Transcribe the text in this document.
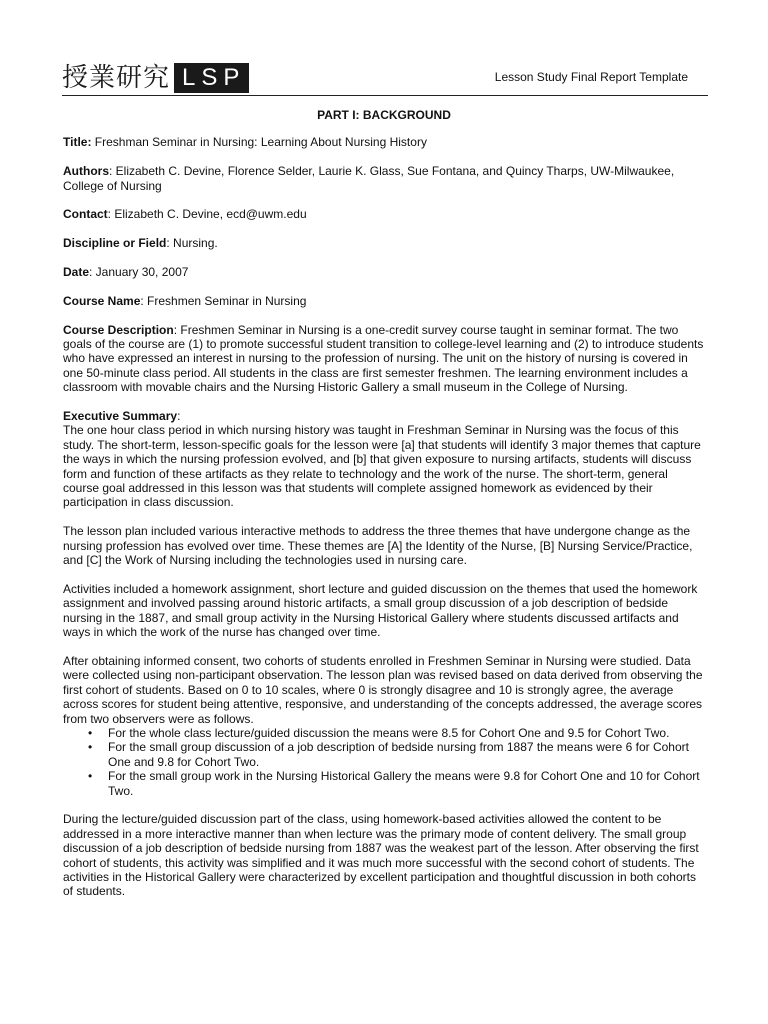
授業研究 LSP	Lesson Study Final Report Template

PART I: BACKGROUND

Title: Freshman Seminar in Nursing: Learning About Nursing History

Authors: Elizabeth C. Devine, Florence Selder, Laurie K. Glass, Sue Fontana, and Quincy Tharps, UW-Milwaukee, College of Nursing

Contact: Elizabeth C. Devine, ecd@uwm.edu

Discipline or Field: Nursing.

Date: January 30, 2007

Course Name: Freshmen Seminar in Nursing

Course Description: Freshmen Seminar in Nursing is a one-credit survey course taught in seminar format. The two goals of the course are (1) to promote successful student transition to college-level learning and (2) to introduce students who have expressed an interest in nursing to the profession of nursing. The unit on the history of nursing is covered in one 50-minute class period. All students in the class are first semester freshmen. The learning environment includes a classroom with movable chairs and the Nursing Historic Gallery a small museum in the College of Nursing.

Executive Summary:

The one hour class period in which nursing history was taught in Freshman Seminar in Nursing was the focus of this study. The short-term, lesson-specific goals for the lesson were [a] that students will identify 3 major themes that capture the ways in which the nursing profession evolved, and [b] that given exposure to nursing artifacts, students will discuss form and function of these artifacts as they relate to technology and the work of the nurse. The short-term, general course goal addressed in this lesson was that students will complete assigned homework as evidenced by their participation in class discussion.

The lesson plan included various interactive methods to address the three themes that have undergone change as the nursing profession has evolved over time. These themes are [A] the Identity of the Nurse, [B] Nursing Service/Practice, and [C] the Work of Nursing including the technologies used in nursing care.

Activities included a homework assignment, short lecture and guided discussion on the themes that used the homework assignment and involved passing around historic artifacts, a small group discussion of a job description of bedside nursing in the 1887, and small group activity in the Nursing Historical Gallery where students discussed artifacts and ways in which the work of the nurse has changed over time.

After obtaining informed consent, two cohorts of students enrolled in Freshmen Seminar in Nursing were studied. Data were collected using non-participant observation. The lesson plan was revised based on data derived from observing the first cohort of students. Based on 0 to 10 scales, where 0 is strongly disagree and 10 is strongly agree, the average across scores for student being attentive, responsive, and understanding of the concepts addressed, the average scores from two observers were as follows.

• For the whole class lecture/guided discussion the means were 8.5 for Cohort One and 9.5 for Cohort Two.
• For the small group discussion of a job description of bedside nursing from 1887 the means were 6 for Cohort One and 9.8 for Cohort Two.
• For the small group work in the Nursing Historical Gallery the means were 9.8 for Cohort One and 10 for Cohort Two.

During the lecture/guided discussion part of the class, using homework-based activities allowed the content to be addressed in a more interactive manner than when lecture was the primary mode of content delivery. The small group discussion of a job description of bedside nursing from 1887 was the weakest part of the lesson. After observing the first cohort of students, this activity was simplified and it was much more successful with the second cohort of students. The activities in the Historical Gallery were characterized by excellent participation and thoughtful discussion in both cohorts of students.
